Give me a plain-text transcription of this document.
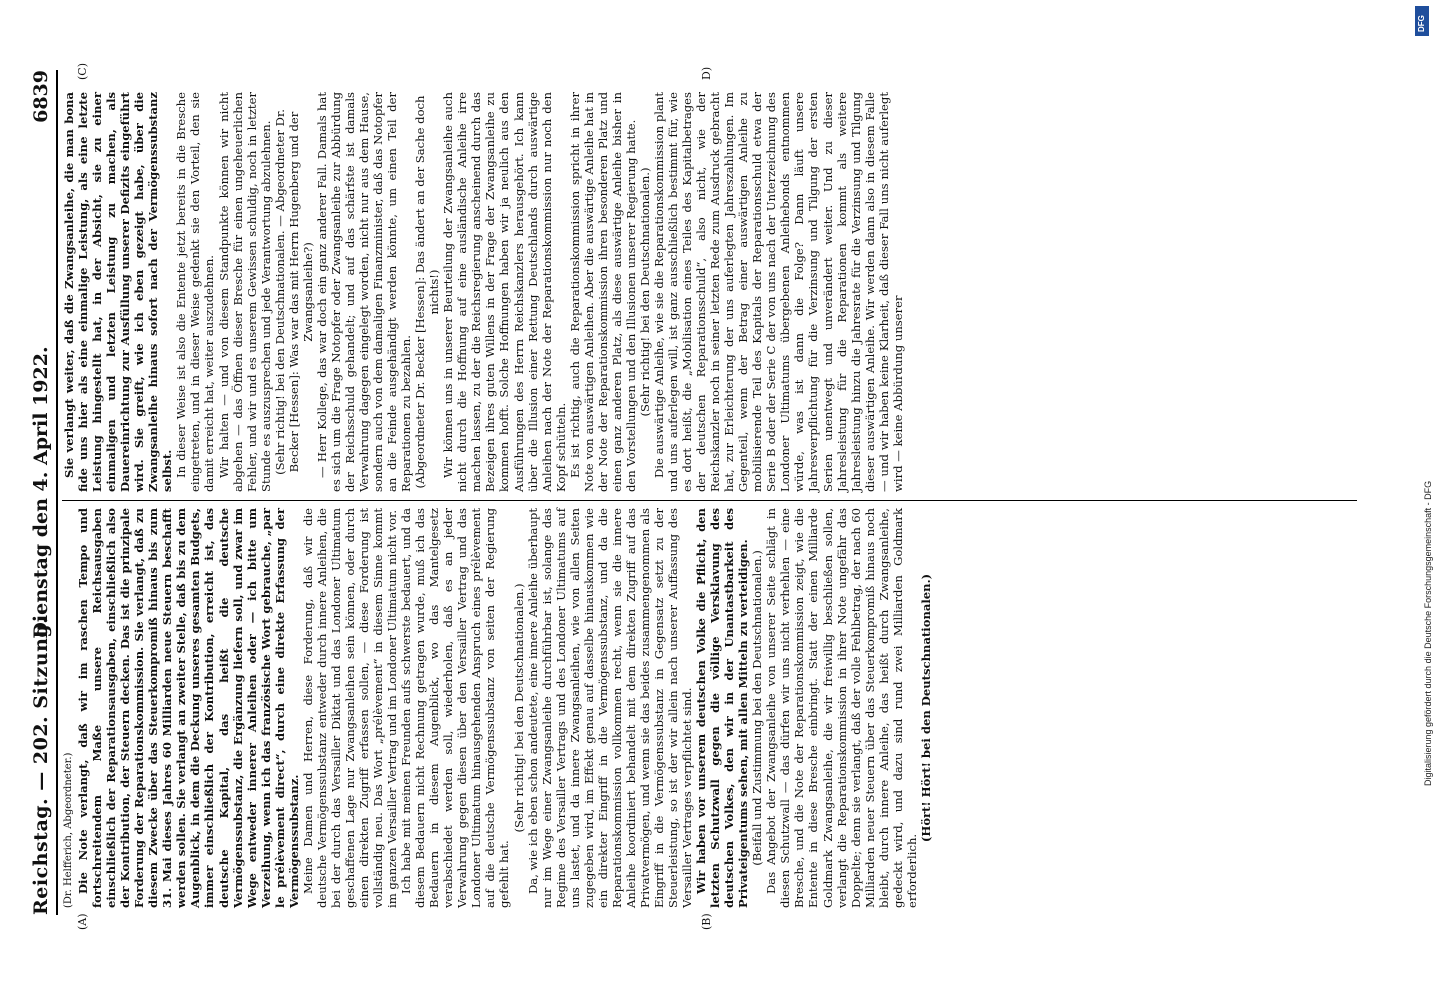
Reichstag. — 202. Sitzung.
Dienstag den 4. April 1922.
6839
(A)	(B)
(C)	D)

(Dr. Helfferich, Abgeordneter.) Die Note verlangt, daß wir im raschen Tempo und fortschreitendem Maße unsere Reichsausgaben einschließlich der Reparationsausgaben, einschließlich also der Kontribution, der Steuern decken. Das ist die prinzipale Forderung der Reparationskommission. Sie verlangt, daß zu diesem Zwecke über das Steuerkompromiß hinaus bis zum 31. Mai dieses Jahres 60 Milliarden neue Steuern beschafft werden sollen. Sie verlangt an zweiter Stelle, daß bis zu dem Augenblick, in dem die Deckung unseres gesamten Budgets, immer einschließlich der Kontribution, erreicht ist, das deutsche Kapital, das heißt die deutsche Vermögenssubstanz, die Ergänzung liefern soll, und zwar im Wege entweder innerer Anleihen oder — ich bitte um Verzeihung, wenn ich das französische Wort gebrauche, „par le prélèvement direct“, durch eine direkte Erfassung der Vermögenssubstanz. Meine Damen und Herren, diese Forderung, daß wir die deutsche Vermögenssubstanz entweder durch innere Anleihen, die bei der durch das Versailler Diktat und das Londoner Ultimatum geschaffenen Lage nur Zwangsanleihen sein können, oder durch einen direkten Zugriff erfassen sollen, — diese Forderung ist vollständig neu. Das Wort „prélèvement“ in diesem Sinne kommt im ganzen Versailler Vertrag und im Londoner Ultimatum nicht vor. Ich habe mit meinen Freunden aufs schwerste bedauert, und da diesem Bedauern nicht Rechnung getragen wurde, muß ich das Bedauern in diesem Augenblick, wo das Mantelgesetz verabschiedet werden soll, wiederholen, daß es an jeder Verwahrung gegen diesen über den Versailler Vertrag und das Londoner Ultimatum hinausgehenden Anspruch eines prélèvement auf die deutsche Vermögenssubstanz von seiten der Regierung gefehlt hat.

(Sehr richtig! bei den Deutschnationalen.) Da, wie ich eben schon andeutete, eine innere Anleihe überhaupt nur im Wege einer Zwangsanleihe durchführbar ist, solange das Regime des Versailler Vertrags und des Londoner Ultimatums auf uns lastet, und da innere Zwangsanleihen, wie von allen Seiten zugegeben wird, im Effekt genau auf dasselbe hinauskommen wie ein direkter Eingriff in die Vermögenssubstanz, und da die Reparationskommission vollkommen recht, wenn sie die innere Anleihe koordiniert behandelt mit dem direkten Zugriff auf das Privatvermögen, und wenn sie das beides zusammengenommen als Eingriff in die Vermögenssubstanz in Gegensatz setzt zu der Steuerleistung, so ist der wir allein nach unserer Auffassung des Versailler Vertrages verpflichtet sind. Wir haben vor unserem deutschen Volke die Pflicht, den letzten Schutzwall gegen die völlige Versklavung des deutschen Volkes, den wir in der Unantastbarkeit des Privateigentums sehen, mit allen Mitteln zu verteidigen. (Beifall und Zustimmung bei den Deutschnationalen.) Das Angebot der Zwangsanleihe von unserer Seite schlägt in diesen Schutzwall — das dürfen wir uns nicht verhehlen — eine Bresche, und die Note der Reparationskommission zeigt, wie die Entente in diese Bresche einbringt. Statt der einen Milliarde Goldmark Zwangsanleihe, die wir freiwillig beschließen sollen, verlangt die Reparationskommission in ihrer Note ungefähr das Doppelte; denn sie verlangt, daß der volle Fehlbetrag, der nach 60 Milliarden neuer Steuern über das Steuerkompromiß hinaus noch bleibt, durch innere Anleihe, das heißt durch Zwangsanleihe, gedeckt wird, und dazu sind rund zwei Milliarden Goldmark erforderlich.

(Hört! Hört! bei den Deutschnationalen.)

Sie verlangt weiter, daß die Zwangsanleihe, die man bona fide uns hier als eine einmalige Leistung, als eine letzte Leistung hingestellt hat, in der Absicht, sie zu einer einmaligen und letzten Leistung zu machen, als Dauereinrichtung zur Ausfüllung unserer Defizits eingeführt wird. Sie greift, wie ich eben gezeigt habe, über die Zwangsanleihe hinaus sofort nach der Vermögenssubstanz selbst. In dieser Weise ist also die Entente jetzt bereits in die Bresche eingetreten, und in dieser Weise gedenkt sie den Vorteil, den sie damit erreicht hat, weiter auszudehnen. Wir halten — und von diesem Standpunkte können wir nicht abgehen — das Öffnen dieser Bresche für einen ungeheuerlichen Fehler, und wir und es unserem Gewissen schuldig, noch in letzter Stunde es auszusprechen und jede Verantwortung abzulehnen. (Sehr richtig! bei den Deutschnationalen. — Abgeordneter Dr. Becker [Hessen]: Was war das mit Herrn Hugenberg und der Zwangsanleihe?) — Herr Kollege, das war doch ein ganz anderer Fall. Damals hat es sich um die Frage Notopfer oder Zwangsanleihe zur Abbürdung der Reichsschuld gehandelt; und auf das schärfste ist damals Verwahrung dagegen eingelegt worden, nicht nur aus dem Hause, sondern auch von dem damaligen Finanzminister, daß das Notopfer an die Feinde ausgehändigt werden könnte, um einen Teil der Reparationen zu bezahlen. (Abgeordneter Dr. Becker [Hessen]: Das ändert an der Sache doch nichts!) Wir können uns in unserer Beurteilung der Zwangsanleihe auch nicht durch die Hoffnung auf eine ausländische Anleihe irre machen lassen, zu der die Reichsregierung anscheinend durch das Bezeigen ihres guten Willens in der Frage der Zwangsanleihe zu kommen hofft. Solche Hoffnungen haben wir ja neulich aus den Ausführungen des Herrn Reichskanzlers herausgehört. Ich kann über die Illusion einer Rettung Deutschlands durch auswärtige Anleihen nach der Note der Reparationskommission nur noch den Kopf schütteln. Es ist richtig, auch die Reparationskommission spricht in ihrer Note von auswärtigen Anleihen. Aber die auswärtige Anleihe hat in der Note der Reparationskommission ihren besonderen Platz und einen ganz anderen Platz, als diese auswärtige Anleihe bisher in den Vorstellungen und den Illusionen unserer Regierung hatte. (Sehr richtig! bei den Deutschnationalen.) Die auswärtige Anleihe, wie sie die Reparationskommission plant und uns auferlegen will, ist ganz ausschließlich bestimmt für, wie es dort heißt, die „Mobilisation eines Teiles des Kapitalbetrages der deutschen Reparationsschuld“, also nicht, wie der Reichskanzler noch in seiner letzten Rede zum Ausdruck gebracht hat, zur Erleichterung der uns auferlegten Jahreszahlungen. Im Gegenteil, wenn der Betrag einer auswärtigen Anleihe zu mobilisierende Teil des Kapitals der Reparationsschuld etwa der Serie B oder der Serie C der von uns nach der Unterzeichnung des Londoner Ultimatums übergebenen Anleihebonds entnommen würde, was ist dann die Folge? Dann läuft unsere Jahresverpflichtung für die Verzinsung und Tilgung der ersten Serien unentwegt und unverändert weiter. Und zu dieser Jahresleistung für die Reparationen kommt als weitere Jahresleistung hinzu die Jahresrate für die Verzinsung und Tilgung dieser auswärtigen Anleihe. Wir werden dann also in diesem Falle — und wir haben keine Klarheit, daß dieser Fall uns nicht auferlegt wird — keine Abbürdung unserer

DFG
Digitalisierung gefördert durch die Deutsche Forschungsgemeinschaft - DFG
